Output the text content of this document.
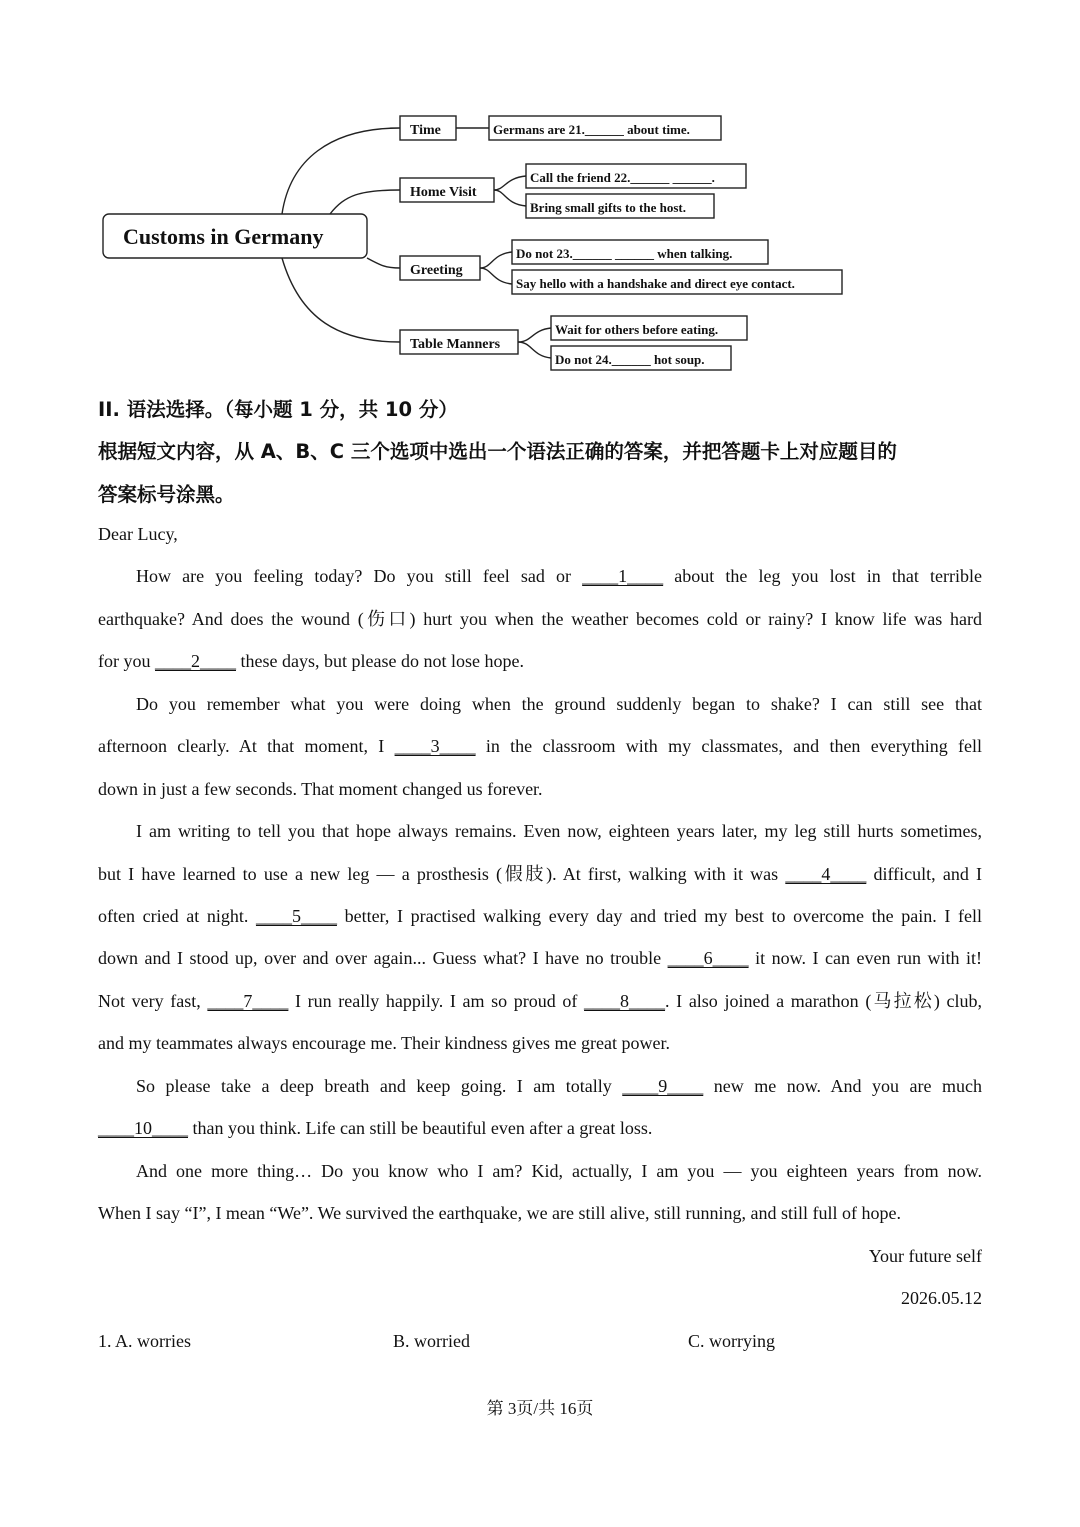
Customs in Germany
Time
Home Visit
Greeting
Table Manners
Germans are 21.______ about time.
Call the friend 22.______ ______.
Bring small gifts to the host.
Do not 23.______ ______ when talking.
Say hello with a handshake and direct eye contact.
Wait for others before eating.
Do not 24.______ hot soup.
II. 语法选择。（每小题 1 分，共 10 分）
根据短文内容，从 A、B、C 三个选项中选出一个语法正确的答案，并把答题卡上对应题目的
答案标号涂黑。
Dear Lucy,
How are you feeling today? Do you still feel sad or ____1____ about the leg you lost in that terrible
earthquake? And does the wound (伤口) hurt you when the weather becomes cold or rainy? I know life was hard
for you ____2____ these days, but please do not lose hope.
Do you remember what you were doing when the ground suddenly began to shake? I can still see that
afternoon clearly. At that moment, I ____3____ in the classroom with my classmates, and then everything fell
down in just a few seconds. That moment changed us forever.
I am writing to tell you that hope always remains. Even now, eighteen years later, my leg still hurts sometimes,
but I have learned to use a new leg — a prosthesis (假肢). At first, walking with it was ____4____ difficult, and I
often cried at night. ____5____ better, I practised walking every day and tried my best to overcome the pain. I fell
down and I stood up, over and over again... Guess what? I have no trouble ____6____ it now. I can even run with it!
Not very fast, ____7____ I run really happily. I am so proud of ____8____. I also joined a marathon (马拉松) club,
and my teammates always encourage me. Their kindness gives me great power.
So please take a deep breath and keep going. I am totally ____9____ new me now. And you are much
____10____ than you think. Life can still be beautiful even after a great loss.
And one more thing… Do you know who I am? Kid, actually, I am you — you eighteen years from now.
When I say “I”, I mean “We”. We survived the earthquake, we are still alive, still running, and still full of hope.
Your future self
2026.05.12
1. A. worries	B. worried	C. worrying
第 3页/共 16页
